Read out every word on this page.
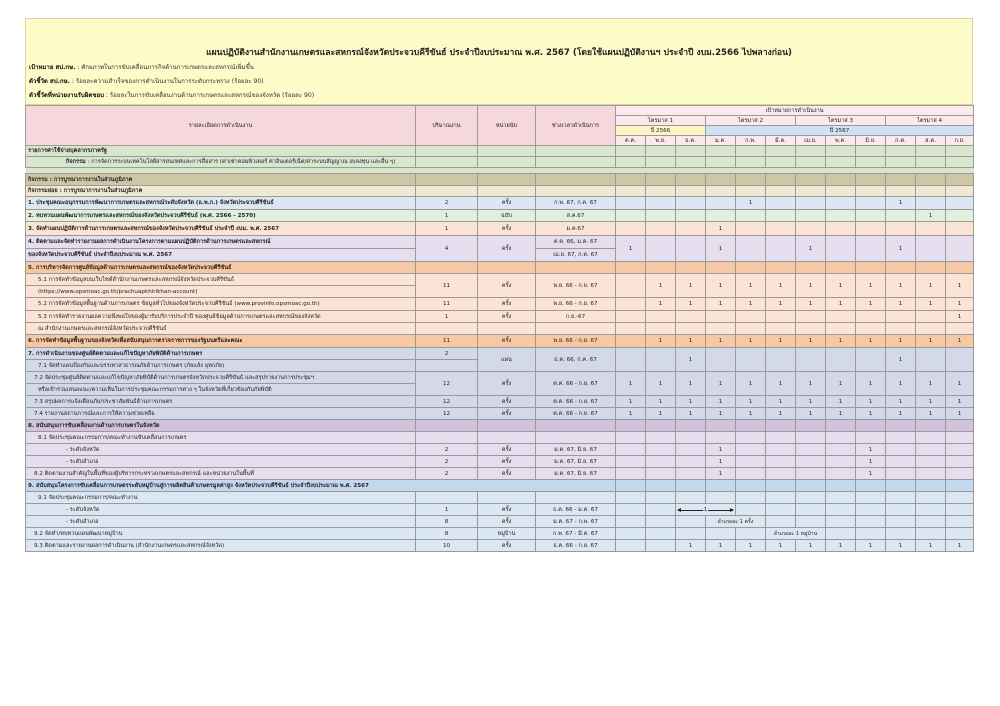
แผนปฏิบัติงานสำนักงานเกษตรและสหกรณ์จังหวัดประจวบคีรีขันธ์ ประจำปีงบประมาณ พ.ศ. 2567 (โดยใช้แผนปฏิบัติงานฯ ประจำปี งบม.2566 ไปพลางก่อน)
เป้าหมาย สป.กษ. : ศักยภาพในการขับเคลื่อนภารกิจด้านการเกษตรและสหกรณ์เพิ่มขึ้น
ตัวชี้วัด สป.กษ. : ร้อยละความสำเร็จของการดำเนินงานในการระดับกระทรวง (ร้อยละ 90)
ตัวชี้วัดที่หน่วยงานรับผิดชอบ : ร้อยละในการขับเคลื่อนงานด้านการเกษตรและสหกรณ์ของจังหวัด (ร้อยละ 90)
รายละเอียดการดำเนินงาน	ปริมาณงาน	หน่วยนับ	ช่วงเวลาดำเนินการ	เป้าหมายการดำเนินงาน											
				ไตรมาส 1			ไตรมาส 2			ไตรมาส 3			ไตรมาส 4		
				ปี 2566			ปี 2567								
				ต.ค.	พ.ย.	ธ.ค.	ม.ค.	ก.พ.	มี.ค.	เม.ย.	พ.ค.	มิ.ย.	ก.ค.	ส.ค.	ก.ย.
รายการค่าใช้จ่ายบุคลากรภาครัฐ															
กิจกรรม : การจัดการระบบเทคโนโลยีสารสนเทศและการสื่อสาร (ค่าเช่าคอมพิวเตอร์ ค่าอินเตอร์เน็ต/ค่าระบบสัญญาณ งบลงทุน และอื่น ๆ)															

กิจกรรม : การบูรณาการงานในส่วนภูมิภาค															
กิจกรรมย่อย : การบูรณาการงานในส่วนภูมิภาค															
1. ประชุมคณะอนุกรรมการพัฒนาการเกษตรและสหกรณ์ระดับจังหวัด (อ.พ.ก.) จังหวัดประจวบคีรีขันธ์	2	ครั้ง	ก.พ. 67, ก.ค. 67					1					1		
2. ทบทวนแผนพัฒนาการเกษตรและสหกรณ์ของจังหวัดประจวบคีรีขันธ์ (พ.ศ. 2566 - 2570)	1	ฉบับ	ส.ค.67											1	
3. จัดทำแผนปฏิบัติการด้านการเกษตรและสหกรณ์ของจังหวัดประจวบคีรีขันธ์ ประจำปี งบม. พ.ศ. 2567	1	ครั้ง	ม.ค.67				1								
4. ติดตามและจัดทำรายงานผลการดำเนินงานโครงการตามแผนปฏิบัติการด้านการเกษตรและสหกรณ์	4	ครั้ง	ต.ค. 66, ม.ค. 67	1			1			1			1		
ของจังหวัดประจวบคีรีขันธ์ ประจำปีงบประมาณ พ.ศ. 2567			เม.ย. 67, ก.ค. 67												
5. การบริหารจัดการศูนย์ข้อมูลด้านการเกษตรและสหกรณ์ของจังหวัดประจวบคีรีขันธ์															
5.1 การจัดทำข้อมูลบนเว็บไซต์สำนักงานเกษตรและสหกรณ์จังหวัดประจวบคีรีขันธ์	11	ครั้ง	พ.ย. 66 - ก.ย. 67		1	1	1	1	1	1	1	1	1	1	1
(https://www.opsmoac.go.th/prachuapkhirikhan-account)															
5.2 การจัดทำข้อมูลพื้นฐานด้านการเกษตร ข้อมูลทั่วไปของจังหวัดประจวบคีรีขันธ์ (www.provinfo.opsmoac.go.th)	11	ครั้ง	พ.ย. 66 - ก.ย. 67		1	1	1	1	1	1	1	1	1	1	1
5.3 การจัดทำรายงานผลความพึงพอใจของผู้มารับบริการประจำปี ของศูนย์ข้อมูลด้านการเกษตรและสหกรณ์ของจังหวัด	1	ครั้ง	ก.ย.-67												1
ณ สำนักงานเกษตรและสหกรณ์จังหวัดประจวบคีรีขันธ์															
6. การจัดทำข้อมูลพื้นฐานของจังหวัดเพื่อสนับสนุนการตรวจราชการของรัฐมนตรีและคณะ	11	ครั้ง	พ.ย. 66 - ก.ย. 67		1	1	1	1	1	1	1	1	1	1	1
7. การดำเนินงานของศูนย์ติดตามและแก้ไขปัญหาภัยพิบัติด้านการเกษตร	2	แผน	ธ.ค. 66, ก.ค. 67			1							1		
7.1 จัดทำแผนป้องกันและบรรเทาสาธารณภัยด้านการเกษตร (ภัยแล้ง อุทกภัย)															
7.2 จัดประชุมศูนย์ติดตามและแก้ไขปัญหาภัยพิบัติด้านการเกษตรจังหวัดประจวบคีรีขันธ์ และสรุปรายงานการประชุมฯ	12	ครั้ง	ต.ค. 66 - ก.ย. 67	1	1	1	1	1	1	1	1	1	1	1	1
หรือเข้าร่วมเสนอแนะ/ความเห็นในการประชุมคณะกรรมการต่าง ๆ ในจังหวัดที่เกี่ยวข้องกับภัยพิบัติ															
7.3 สรุปผลการแจ้งเตือนภัย/ประชาสัมพันธ์ด้านการเกษตร	12	ครั้ง	ต.ค. 66 - ก.ย. 67	1	1	1	1	1	1	1	1	1	1	1	1
7.4 รายงานสถานการณ์และการให้ความช่วยเหลือ	12	ครั้ง	ต.ค. 66 - ก.ย. 67	1	1	1	1	1	1	1	1	1	1	1	1
8. สนับสนุนการขับเคลื่อนงานด้านการเกษตรในจังหวัด															
8.1 จัดประชุมคณะกรรมการ/คณะทำงานขับเคลื่อนการเกษตร															
- ระดับจังหวัด	2	ครั้ง	ม.ค. 67, มิ.ย. 67				1					1			
- ระดับอำเภอ	2	ครั้ง	ม.ค. 67, มิ.ย. 67				1					1			
8.2 ติดตามงานสำคัญในพื้นที่ของผู้บริหารกระทรวงเกษตรและสหกรณ์ และหน่วยงานในพื้นที่	2	ครั้ง	ม.ค. 67, มิ.ย. 67				1					1			
9. สนับสนุนโครงการขับเคลื่อนการเกษตรระดับหมู่บ้านสู่การผลิตสินค้าเกษตรมูลค่าสูง จังหวัดประจวบคีรีขันธ์ ประจำปีงบประมาณ พ.ศ. 2567															
9.1 จัดประชุมคณะกรรมการ/คณะทำงาน															
- ระดับจังหวัด	1	ครั้ง	ธ.ค. 66 - ม.ค. 67			1									

- ระดับอำเภอ	8	ครั้ง	ม.ค. 67 - ก.พ. 67				อำเภอละ 1 ครั้ง								
9.2 จัดทำ/ทบทวนแผนพัฒนาหมู่บ้าน	8	หมู่บ้าน	ก.พ. 67 - มี.ค. 67						อำเภอละ 1 หมู่บ้าน						
9.3 ติดตามและรายงานผลการดำเนินงาน (สำนักงานเกษตรและสหกรณ์จังหวัด)	10	ครั้ง	ธ.ค. 66 - ก.ย. 67			1	1	1	1	1	1	1	1	1	1
